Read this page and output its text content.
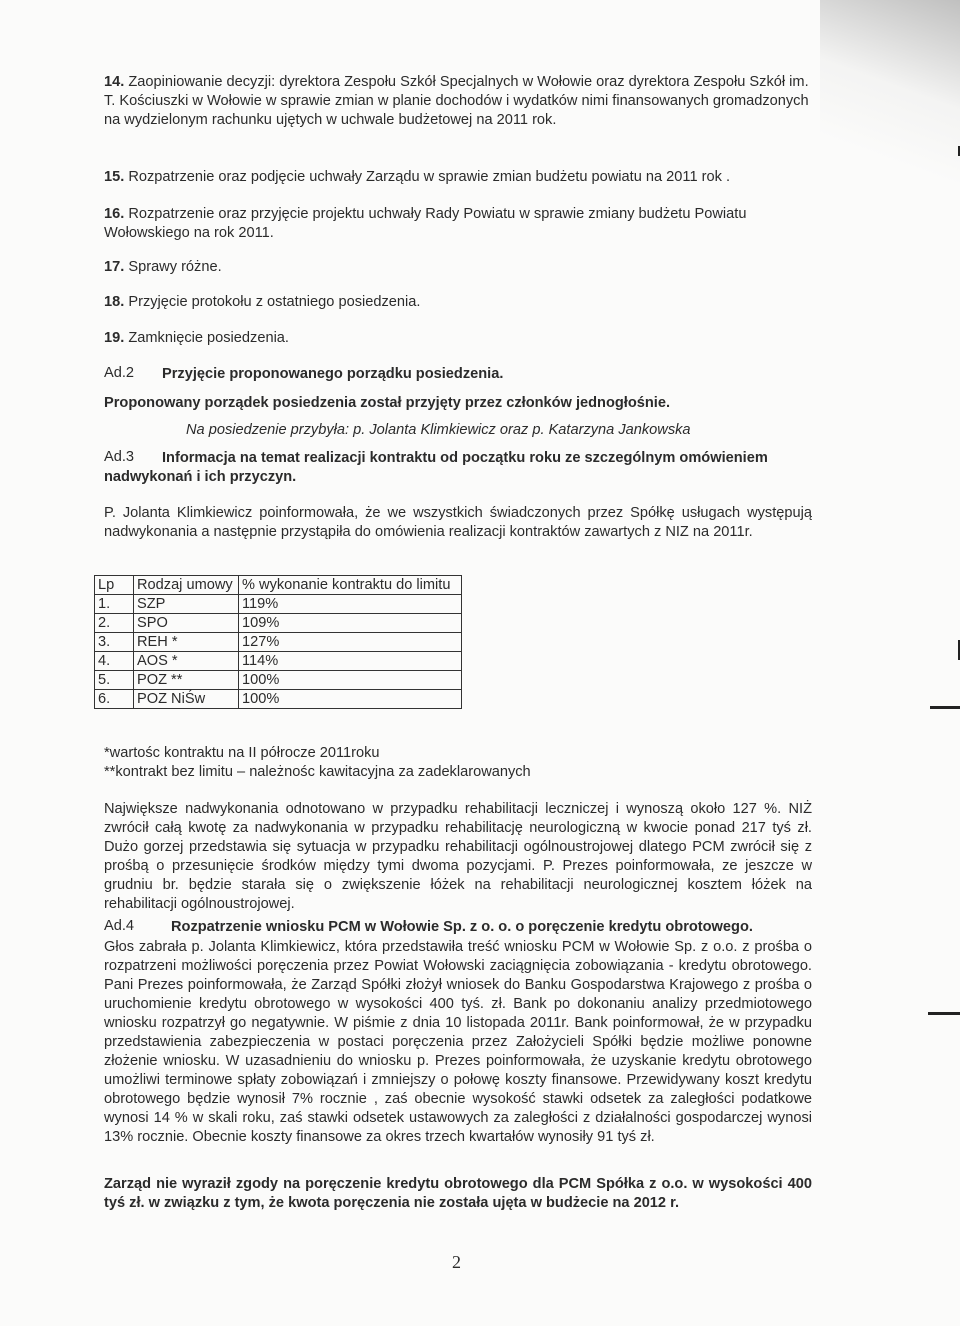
14. Zaopiniowanie decyzji: dyrektora Zespołu Szkół Specjalnych w Wołowie oraz dyrektora Zespołu Szkół im. T. Kościuszki w Wołowie w sprawie zmian w planie dochodów i wydatków nimi finansowanych gromadzonych na wydzielonym rachunku ujętych w uchwale budżetowej na 2011 rok.
15. Rozpatrzenie oraz podjęcie uchwały Zarządu w sprawie zmian budżetu powiatu na 2011 rok .
16. Rozpatrzenie oraz przyjęcie projektu uchwały Rady Powiatu w sprawie zmiany budżetu Powiatu Wołowskiego na rok 2011.
17. Sprawy różne.
18. Przyjęcie protokołu z ostatniego posiedzenia.
19. Zamknięcie posiedzenia.
Ad.2 Przyjęcie proponowanego porządku posiedzenia.
Proponowany porządek posiedzenia został przyjęty przez członków jednogłośnie.
Na posiedzenie przybyła: p. Jolanta Klimkiewicz oraz p. Katarzyna Jankowska
Ad.3	Informacja na temat realizacji kontraktu od początku roku ze szczególnym omówieniem nadwykonań i ich przyczyn.
P. Jolanta Klimkiewicz poinformowała, że we wszystkich świadczonych przez Spółkę usługach występują nadwykonania a następnie przystąpiła do omówienia realizacji kontraktów zawartych z NIZ na 2011r.
Lp	Rodzaj umowy	% wykonanie kontraktu do limitu
1.	SZP	119%
2.	SPO	109%
3.	REH *	127%
4.	AOS *	114%
5.	POZ **	100%
6.	POZ NiŚw	100%
*wartośc kontraktu na II półrocze 2011roku
**kontrakt bez limitu – należnośc kawitacyjna za zadeklarowanych
Największe nadwykonania odnotowano w przypadku rehabilitacji leczniczej i wynoszą około 127 %. NIŻ zwrócił całą kwotę za nadwykonania w przypadku rehabilitację neurologiczną w kwocie ponad 217 tyś zł. Dużo gorzej przedstawia się sytuacja w przypadku rehabilitacji ogólnoustrojowej dlatego PCM zwrócił się z prośbą o przesunięcie środków między tymi dwoma pozycjami. P. Prezes poinformowała, ze jeszcze w grudniu br. będzie starała się o zwiększenie łóżek na rehabilitacji neurologicznej kosztem łóżek na rehabilitacji ogólnoustrojowej.
Ad.4	Rozpatrzenie wniosku PCM w Wołowie Sp. z o. o. o poręczenie kredytu obrotowego.
Głos zabrała p. Jolanta Klimkiewicz, która przedstawiła treść wniosku PCM w Wołowie Sp. z o.o. z prośba o rozpatrzeni możliwości poręczenia przez Powiat Wołowski zaciągnięcia zobowiązania - kredytu obrotowego. Pani Prezes poinformowała, że Zarząd Spółki złożył wniosek do Banku Gospodarstwa Krajowego z prośba o uruchomienie kredytu obrotowego w wysokości 400 tyś. zł. Bank po dokonaniu analizy przedmiotowego wniosku rozpatrzył go negatywnie. W piśmie z dnia 10 listopada 2011r. Bank poinformował, że w przypadku przedstawienia zabezpieczenia w postaci poręczenia przez Założycieli Spółki będzie możliwe ponowne złożenie wniosku. W uzasadnieniu do wniosku p. Prezes poinformowała, że uzyskanie kredytu obrotowego umożliwi terminowe spłaty zobowiązań i zmniejszy o połowę koszty finansowe. Przewidywany koszt kredytu obrotowego będzie wynosił 7% rocznie , zaś obecnie wysokość stawki odsetek za zaległości podatkowe wynosi 14 % w skali roku, zaś stawki odsetek ustawowych za zaległości z działalności gospodarczej wynosi 13% rocznie. Obecnie koszty finansowe za okres trzech kwartałów wynosiły 91 tyś zł.
Zarząd nie wyraził zgody na poręczenie kredytu obrotowego dla PCM Spółka z o.o. w wysokości 400 tyś zł. w związku z tym, że kwota poręczenia nie została ujęta w budżecie na 2012 r.
2
